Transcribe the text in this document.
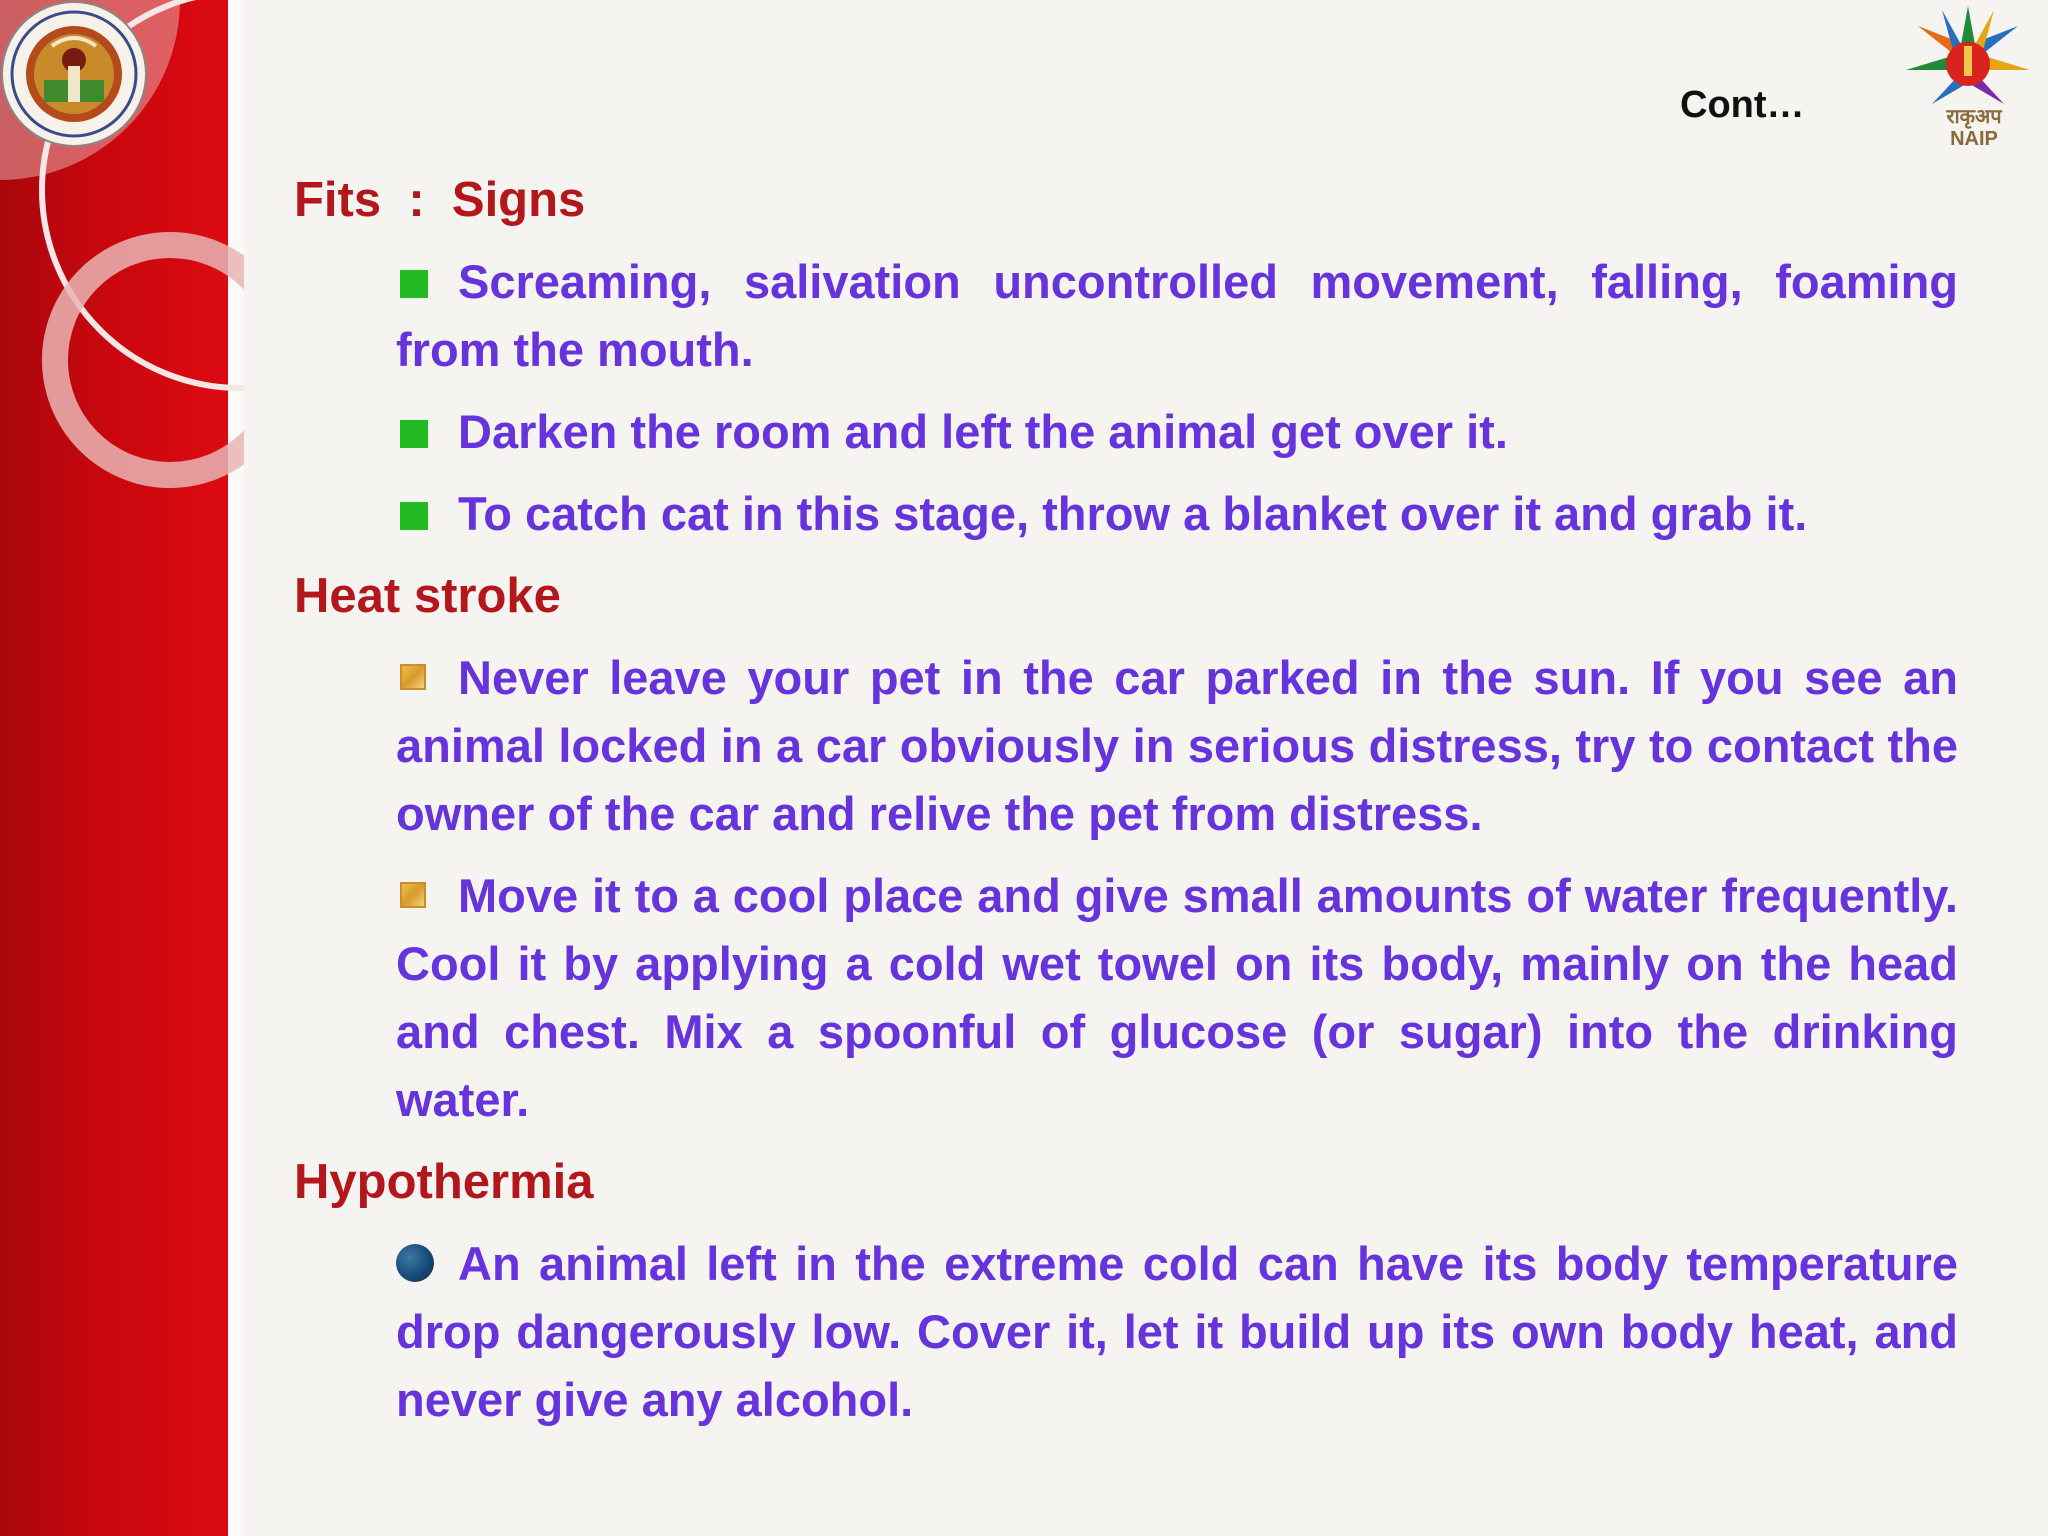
राकृअप NAIP
Cont…
Fits  :  Signs
Screaming, salivation uncontrolled movement, falling, foaming from the mouth.
Darken the room and left the animal get over it.
To catch cat in this stage, throw a blanket over it and grab it.
Heat stroke
Never leave your pet in the car parked in the sun. If you see an animal locked in a car obviously in serious distress, try to contact the owner of the car and relive the pet from distress.
Move it to a cool place and give small amounts of water frequently. Cool it by applying a cold wet towel on its body, mainly on the head and chest. Mix a spoonful of glucose (or sugar) into the drinking water.
Hypothermia
An animal left in the extreme cold can have its body temperature drop dangerously low. Cover it, let it build up its own body heat, and never give any alcohol.
